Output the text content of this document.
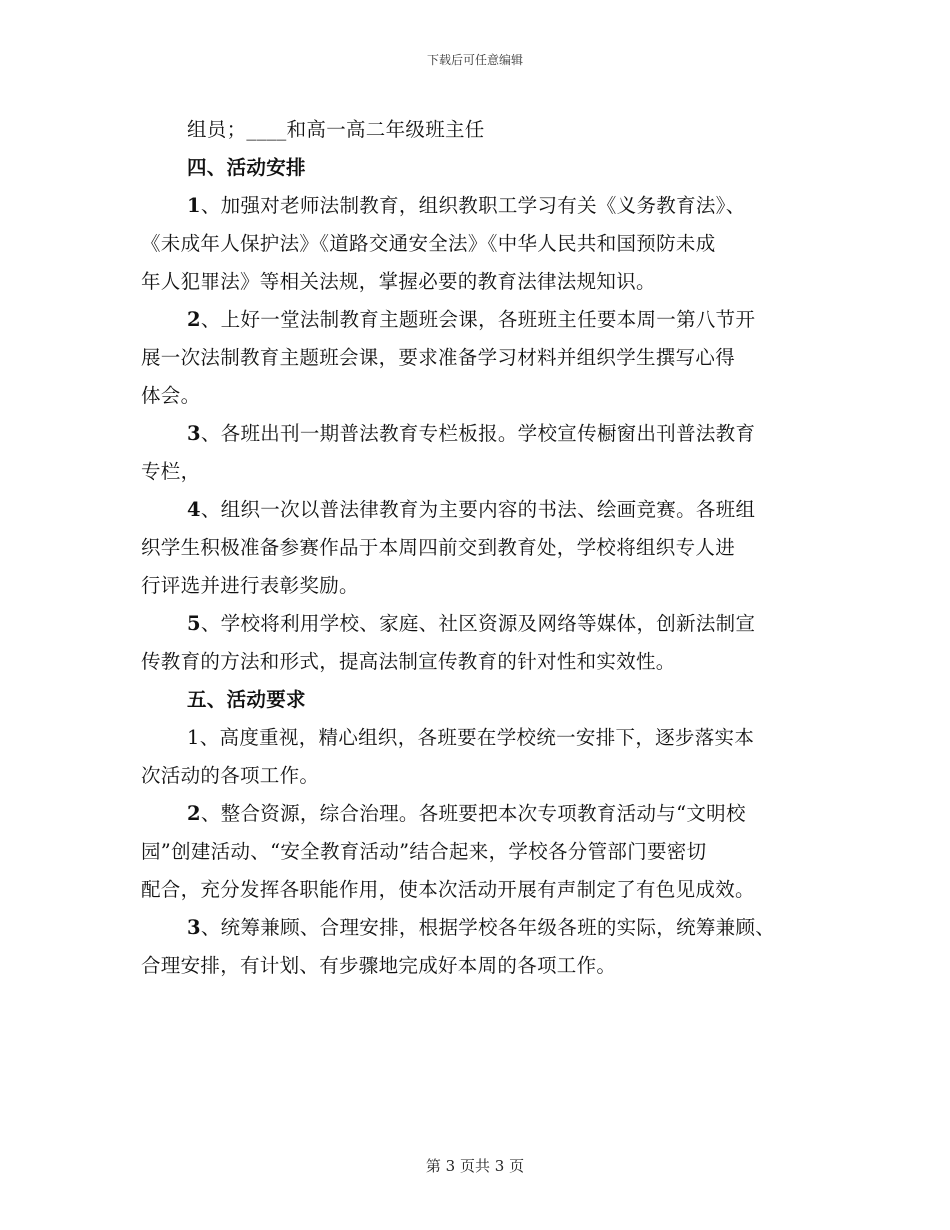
下载后可任意编辑
组员；____和高一高二年级班主任
四、活动安排
1、加强对老师法制教育，组织教职工学习有关《义务教育法》、
《未成年人保护法》《道路交通安全法》《中华人民共和国预防未成
年人犯罪法》等相关法规，掌握必要的教育法律法规知识。
2、上好一堂法制教育主题班会课，各班班主任要本周一第八节开
展一次法制教育主题班会课，要求准备学习材料并组织学生撰写心得
体会。
3、各班出刊一期普法教育专栏板报。学校宣传橱窗出刊普法教育
专栏，
4、组织一次以普法律教育为主要内容的书法、绘画竞赛。各班组
织学生积极准备参赛作品于本周四前交到教育处，学校将组织专人进
行评选并进行表彰奖励。
5、学校将利用学校、家庭、社区资源及网络等媒体，创新法制宣
传教育的方法和形式，提高法制宣传教育的针对性和实效性。
五、活动要求
1、高度重视，精心组织，各班要在学校统一安排下，逐步落实本
次活动的各项工作。
2、整合资源，综合治理。各班要把本次专项教育活动与“文明校
园”创建活动、“安全教育活动”结合起来，学校各分管部门要密切
配合，充分发挥各职能作用，使本次活动开展有声制定了有色见成效。
3、统筹兼顾、合理安排，根据学校各年级各班的实际，统筹兼顾、
合理安排，有计划、有步骤地完成好本周的各项工作。
第 3 页共 3 页
